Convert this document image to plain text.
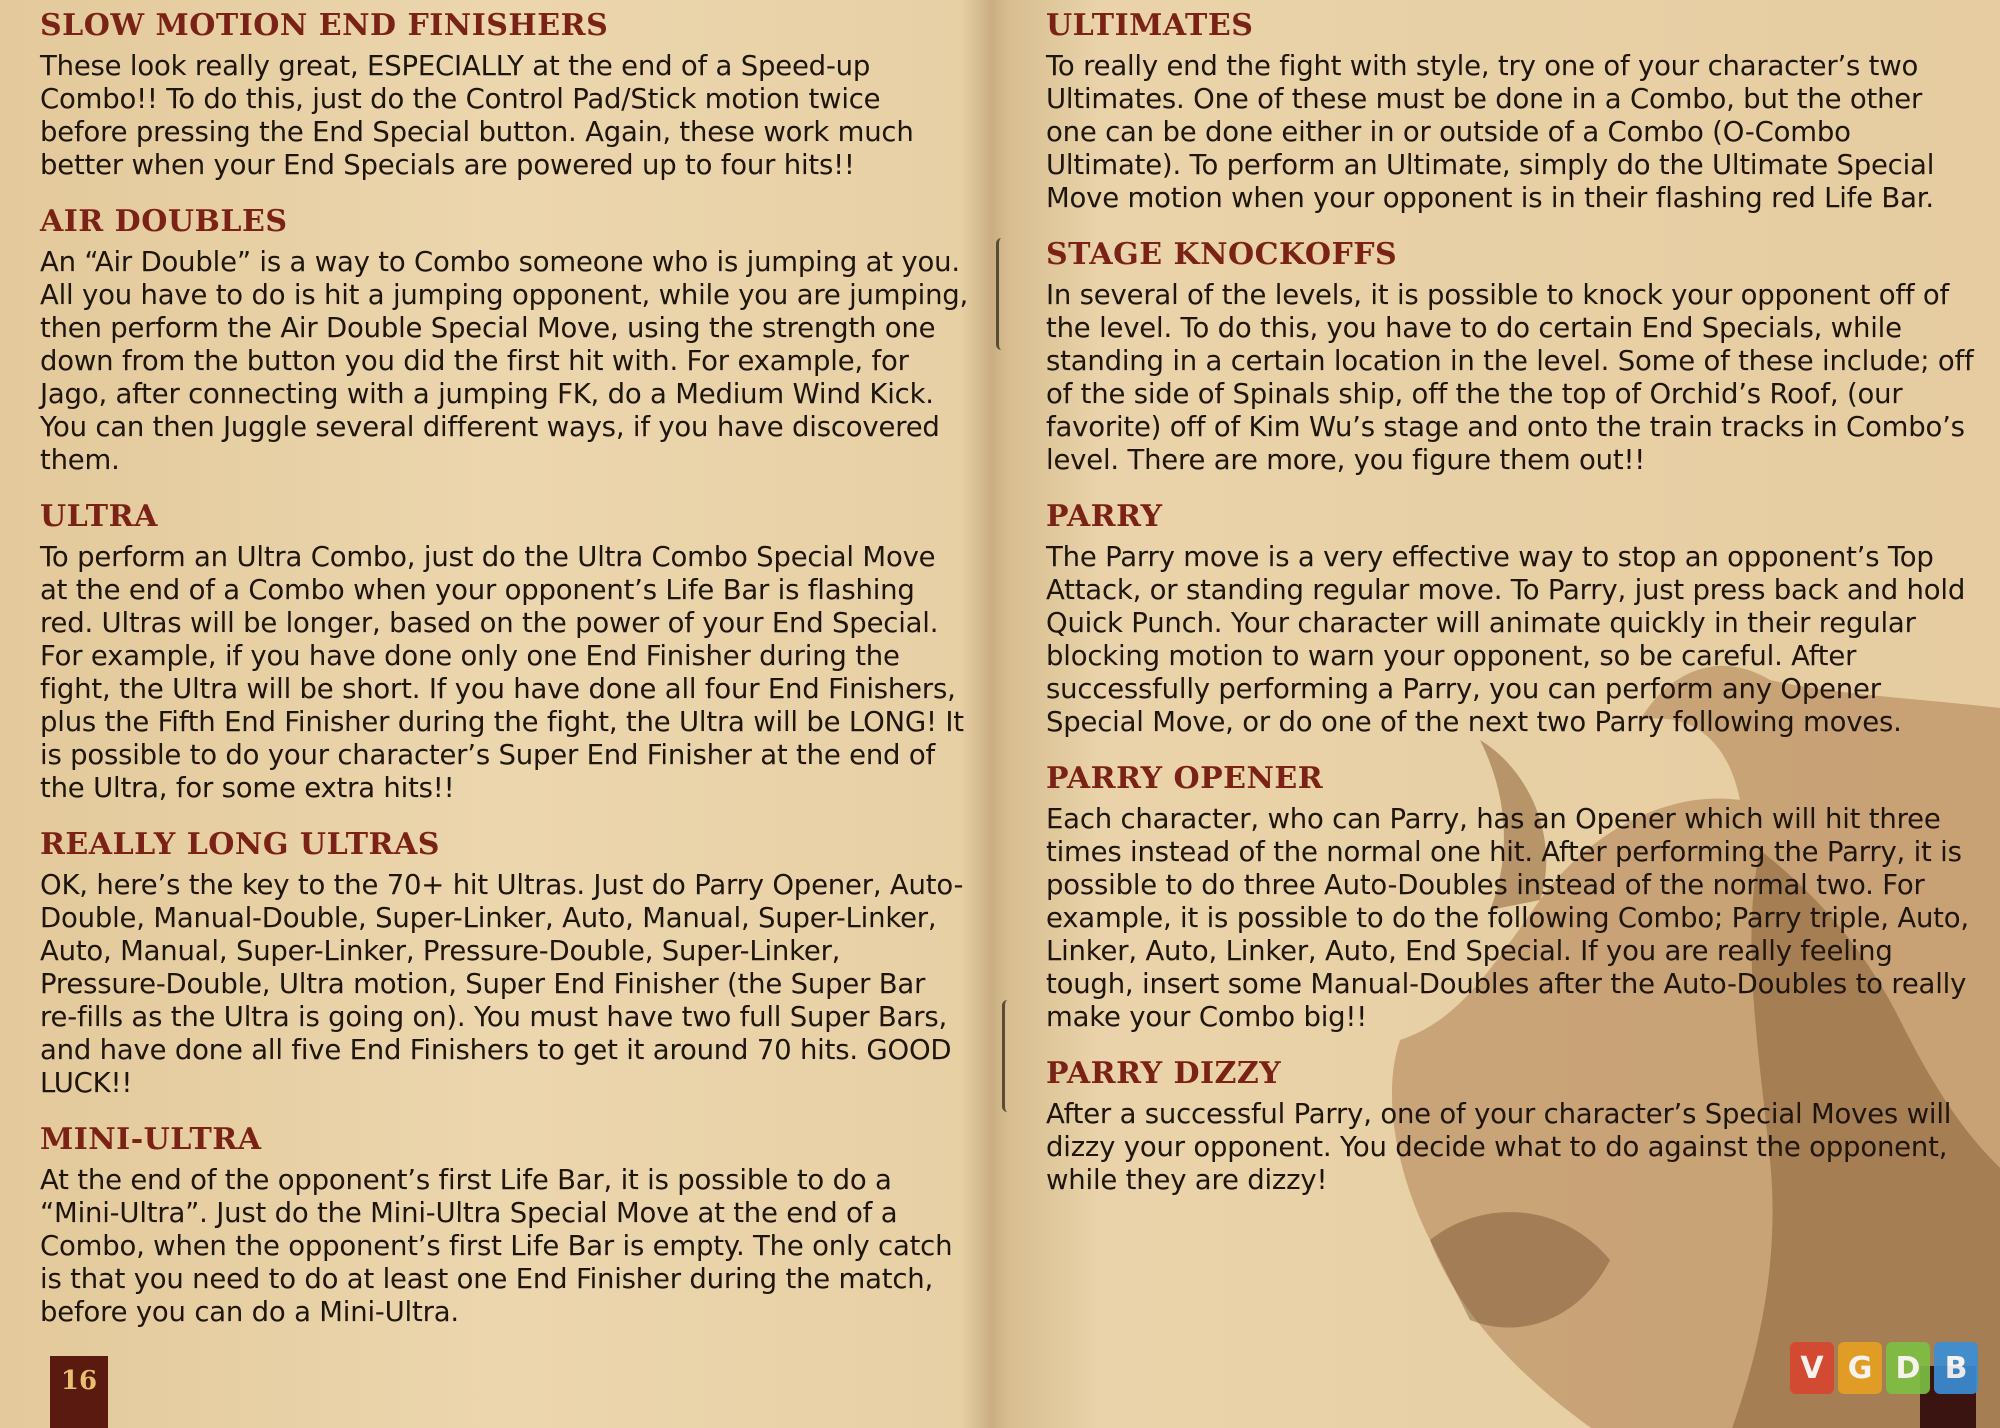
SLOW MOTION END FINISHERS

These look really great, ESPECIALLY at the end of a Speed-up Combo!! To do this, just do the Control Pad/Stick motion twice before pressing the End Special button. Again, these work much better when your End Specials are powered up to four hits!!

AIR DOUBLES

An “Air Double” is a way to Combo someone who is jumping at you. All you have to do is hit a jumping opponent, while you are jumping, then perform the Air Double Special Move, using the strength one down from the button you did the first hit with. For example, for Jago, after connecting with a jumping FK, do a Medium Wind Kick. You can then Juggle several different ways, if you have discovered them.

ULTRA

To perform an Ultra Combo, just do the Ultra Combo Special Move at the end of a Combo when your opponent’s Life Bar is flashing red. Ultras will be longer, based on the power of your End Special. For example, if you have done only one End Finisher during the fight, the Ultra will be short. If you have done all four End Finishers, plus the Fifth End Finisher during the fight, the Ultra will be LONG! It is possible to do your character’s Super End Finisher at the end of the Ultra, for some extra hits!!

REALLY LONG ULTRAS

OK, here’s the key to the 70+ hit Ultras. Just do Parry Opener, Auto-Double, Manual-Double, Super-Linker, Auto, Manual, Super-Linker, Auto, Manual, Super-Linker, Pressure-Double, Super-Linker, Pressure-Double, Ultra motion, Super End Finisher (the Super Bar re-fills as the Ultra is going on). You must have two full Super Bars, and have done all five End Finishers to get it around 70 hits. GOOD LUCK!!

MINI-ULTRA

At the end of the opponent’s first Life Bar, it is possible to do a “Mini-Ultra”. Just do the Mini-Ultra Special Move at the end of a Combo, when the opponent’s first Life Bar is empty. The only catch is that you need to do at least one End Finisher during the match, before you can do a Mini-Ultra.

16
ULTIMATES

To really end the fight with style, try one of your character’s two Ultimates. One of these must be done in a Combo, but the other one can be done either in or outside of a Combo (O-Combo Ultimate). To perform an Ultimate, simply do the Ultimate Special Move motion when your opponent is in their flashing red Life Bar.

STAGE KNOCKOFFS

In several of the levels, it is possible to knock your opponent off of the level. To do this, you have to do certain End Specials, while standing in a certain location in the level. Some of these include; off of the side of Spinals ship, off the the top of Orchid’s Roof, (our favorite) off of Kim Wu’s stage and onto the train tracks in Combo’s level. There are more, you figure them out!!

PARRY

The Parry move is a very effective way to stop an opponent’s Top Attack, or standing regular move. To Parry, just press back and hold Quick Punch. Your character will animate quickly in their regular blocking motion to warn your opponent, so be careful. After successfully performing a Parry, you can perform any Opener Special Move, or do one of the next two Parry following moves.

PARRY OPENER

Each character, who can Parry, has an Opener which will hit three times instead of the normal one hit. After performing the Parry, it is possible to do three Auto-Doubles instead of the normal two. For example, it is possible to do the following Combo; Parry triple, Auto, Linker, Auto, Linker, Auto, End Special. If you are really feeling tough, insert some Manual-Doubles after the Auto-Doubles to really make your Combo big!!

PARRY DIZZY

After a successful Parry, one of your character’s Special Moves will dizzy your opponent. You decide what to do against the opponent, while they are dizzy!

V G D B
